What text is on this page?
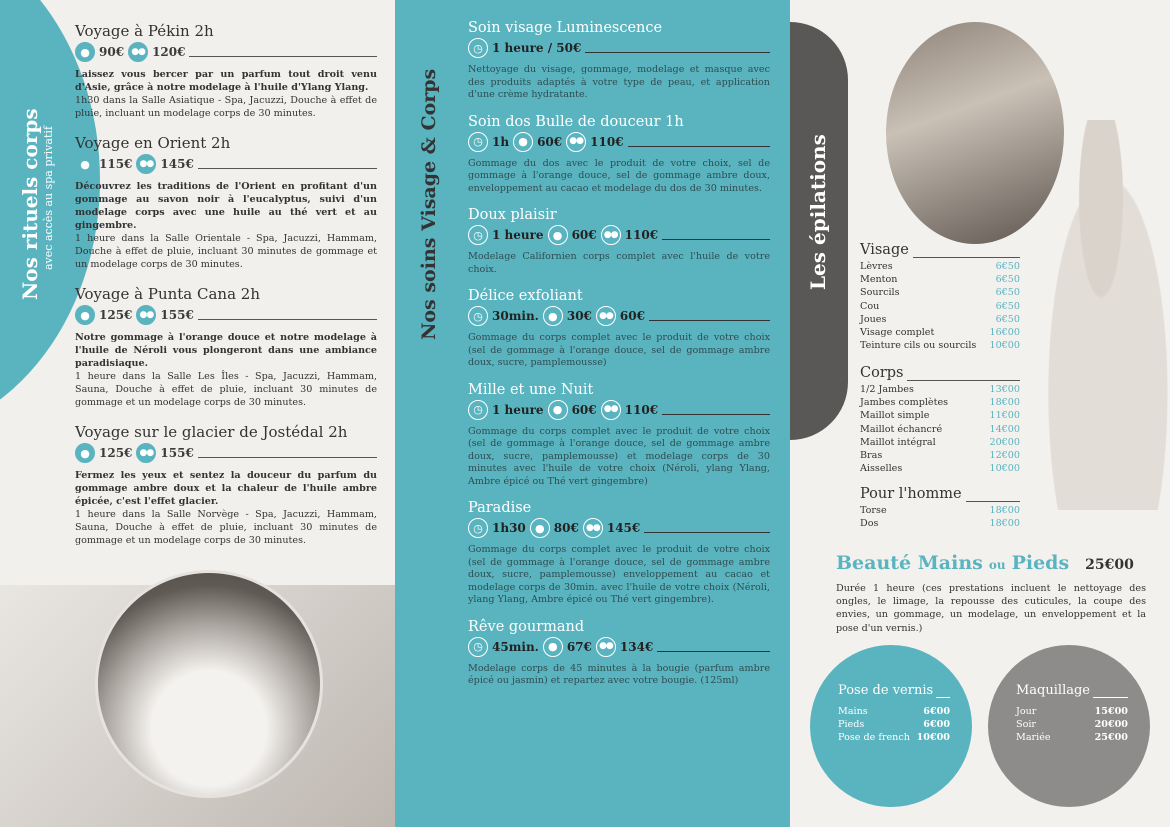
Nos rituels corps avec accès au spa privatif
Voyage à Pékin 2h
● 90€ ●● 120€

Laissez vous bercer par un parfum tout droit venu d'Asie, grâce à notre modelage à l'huile d'Ylang Ylang.
1h30 dans la Salle Asiatique - Spa, Jacuzzi, Douche à effet de pluie, incluant un modelage corps de 30 minutes.

Voyage en Orient 2h
● 115€ ●● 145€

Découvrez les traditions de l'Orient en profitant d'un gommage au savon noir à l'eucalyptus, suivi d'un modelage corps avec une huile au thé vert et au gingembre.
1 heure dans la Salle Orientale - Spa, Jacuzzi, Hammam, Douche à effet de pluie, incluant 30 minutes de gommage et un modelage corps de 30 minutes.

Voyage à Punta Cana 2h
● 125€ ●● 155€

Notre gommage à l'orange douce et notre modelage à l'huile de Néroli vous plongeront dans une ambiance paradisiaque.
1 heure dans la Salle Les Îles - Spa, Jacuzzi, Hammam, Sauna, Douche à effet de pluie, incluant 30 minutes de gommage et un modelage corps de 30 minutes.

Voyage sur le glacier de Jostédal 2h
● 125€ ●● 155€

Fermez les yeux et sentez la douceur du parfum du gommage ambre doux et la chaleur de l'huile ambre épicée, c'est l'effet glacier.
1 heure dans la Salle Norvège - Spa, Jacuzzi, Hammam, Sauna, Douche à effet de pluie, incluant 30 minutes de gommage et un modelage corps de 30 minutes.

Nos soins Visage & Corps
Soin visage Luminescence
◷ 1 heure / 50€

Nettoyage du visage, gommage, modelage et masque avec des produits adaptés à votre type de peau, et application d'une crème hydratante.

Soin dos Bulle de douceur 1h
◷ 1h ● 60€ ●● 110€

Gommage du dos avec le produit de votre choix, sel de gommage à l'orange douce, sel de gommage ambre doux, enveloppement au cacao et modelage du dos de 30 minutes.

Doux plaisir
◷ 1 heure ● 60€ ●● 110€

Modelage Californien corps complet avec l'huile de votre choix.

Délice exfoliant
◷ 30min. ● 30€ ●● 60€

Gommage du corps complet avec le produit de votre choix (sel de gommage à l'orange douce, sel de gommage ambre doux, sucre, pamplemousse)

Mille et une Nuit
◷ 1 heure ● 60€ ●● 110€

Gommage du corps complet avec le produit de votre choix (sel de gommage à l'orange douce, sel de gommage ambre doux, sucre, pamplemousse) et modelage corps de 30 minutes avec l'huile de votre choix (Néroli, ylang Ylang, Ambre épicé ou Thé vert gingembre)

Paradise
◷ 1h30 ● 80€ ●● 145€

Gommage du corps complet avec le produit de votre choix (sel de gommage à l'orange douce, sel de gommage ambre doux, sucre, pamplemousse) enveloppement au cacao et modelage corps de 30min. avec l'huile de votre choix (Néroli, ylang Ylang, Ambre épicé ou Thé vert gingembre).

Rêve gourmand
◷ 45min. ● 67€ ●● 134€

Modelage corps de 45 minutes à la bougie (parfum ambre épicé ou jasmin) et repartez avec votre bougie. (125ml)

Visage
Lèvres	6€50
Menton	6€50
Sourcils	6€50
Cou	6€50
Joues	6€50
Visage complet	16€00
Teinture cils ou sourcils 10€00
Corps
1/2 Jambes	13€00
Jambes complètes	18€00
Maillot simple	11€00
Maillot échancré	14€00
Maillot intégral	20€00
Bras	12€00
Aisselles	10€00
Pour l'homme
Torse	18€00
Dos	18€00
Beauté Mains ou Pieds 25€00

Durée 1 heure (ces prestations incluent le nettoyage des ongles, le limage, la repousse des cuticules, la coupe des envies, un gommage, un modelage, un enveloppement et la pose d'un vernis.)

Pose de vernis
Mains	6€00
Pieds	6€00
Pose de french 10€00
Maquillage
Jour	15€00
Soir	20€00
Mariée	25€00
Les épilations
